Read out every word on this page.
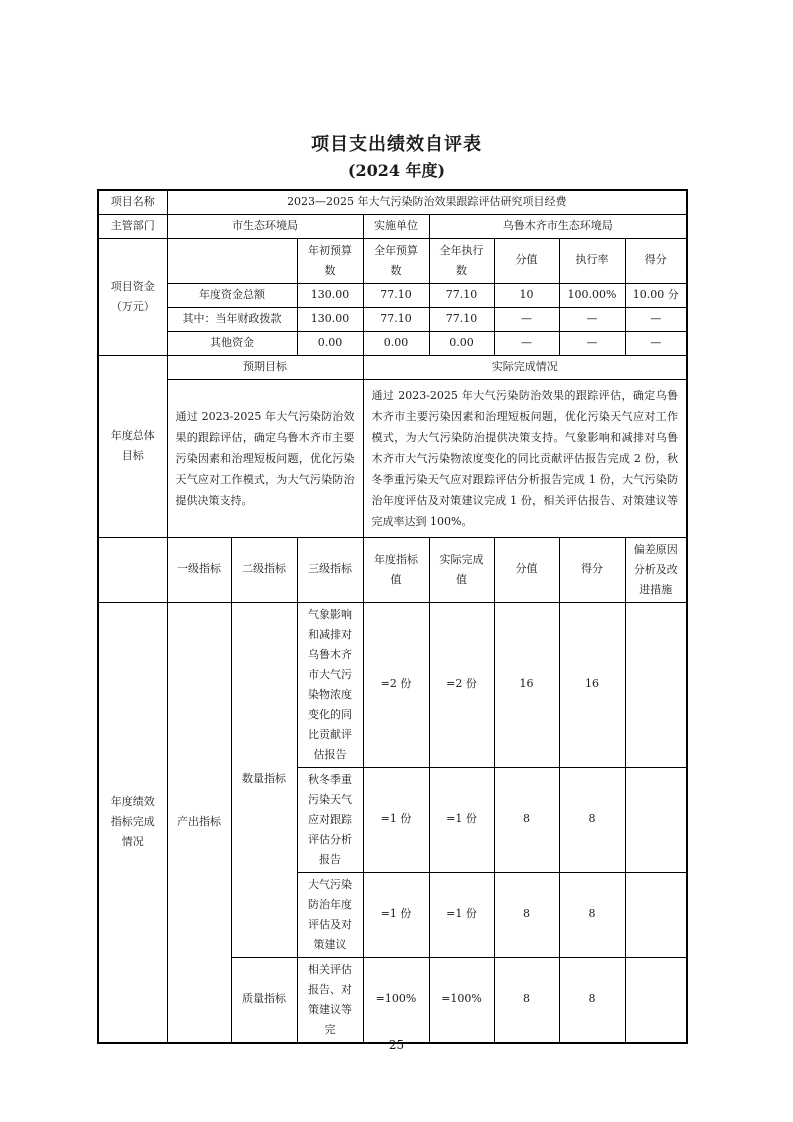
项目支出绩效自评表
(2024 年度)
项目名称	2023—2025 年大气污染防治效果跟踪评估研究项目经费							
主管部门	市生态环境局			实施单位	乌鲁木齐市生态环境局			
项目资金（万元）			年初预算数	全年预算数	全年执行数	分值	执行率	得分
	年度资金总额		130.00	77.10	77.10	10	100.00%	10.00 分
	其中：当年财政拨款		130.00	77.10	77.10	—	—	—
	其他资金		0.00	0.00	0.00	—	—	—
年度总体目标	预期目标			实际完成情况				
	通过 2023-2025 年大气污染防治效果的跟踪评估，确定乌鲁木齐市主要污染因素和治理短板问题，优化污染天气应对工作模式，为大气污染防治提供决策支持。			通过 2023-2025 年大气污染防治效果的跟踪评估，确定乌鲁木齐市主要污染因素和治理短板问题，优化污染天气应对工作模式，为大气污染防治提供决策支持。气象影响和减排对乌鲁木齐市大气污染物浓度变化的同比贡献评估报告完成 2 份，秋冬季重污染天气应对跟踪评估分析报告完成 1 份，大气污染防治年度评估及对策建议完成 1 份，相关评估报告、对策建议等完成率达到 100%。				
	一级指标	二级指标	三级指标	年度指标值	实际完成值	分值	得分	偏差原因分析及改进措施
年度绩效指标完成情况	产出指标	数量指标	气象影响和减排对乌鲁木齐市大气污染物浓度变化的同比贡献评估报告	=2 份	=2 份	16	16	
			秋冬季重污染天气应对跟踪评估分析报告	=1 份	=1 份	8	8	
			大气污染防治年度评估及对策建议	=1 份	=1 份	8	8	
		质量指标	相关评估报告、对策建议等完	=100%	=100%	8	8	
25
